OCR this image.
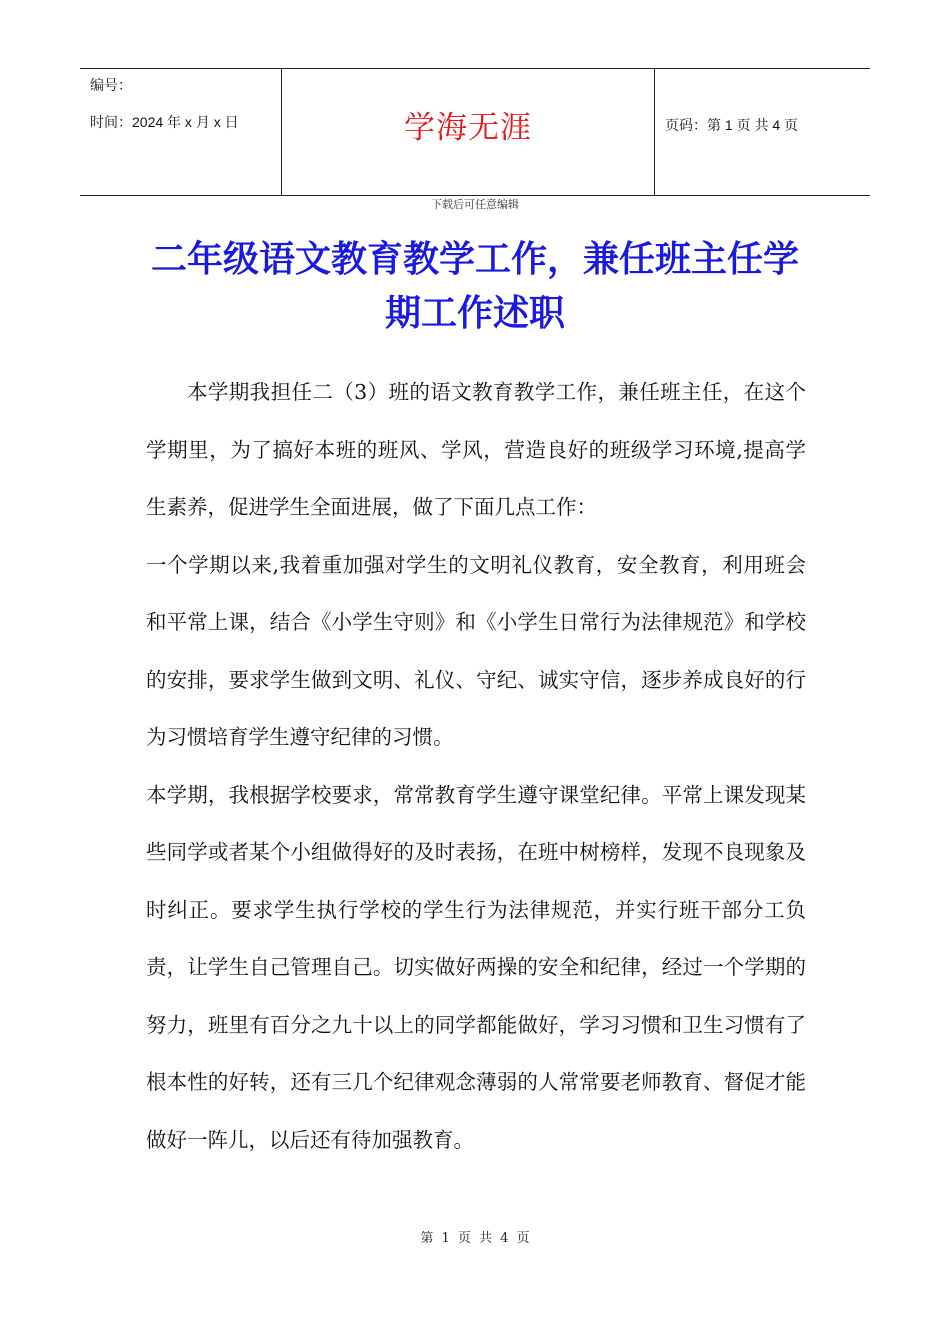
编号：
时间：2024 年 x 月 x 日	学海无涯	页码：第 1 页 共 4 页
下载后可任意编辑
二年级语文教育教学工作，兼任班主任学期工作述职

本学期我担任二（3）班的语文教育教学工作，兼任班主任，在这个学期里，为了搞好本班的班风、学风，营造良好的班级学习环境,提高学生素养，促进学生全面进展，做了下面几点工作：

一个学期以来,我着重加强对学生的文明礼仪教育，安全教育，利用班会和平常上课，结合《小学生守则》和《小学生日常行为法律规范》和学校的安排，要求学生做到文明、礼仪、守纪、诚实守信，逐步养成良好的行为习惯培育学生遵守纪律的习惯。

本学期，我根据学校要求，常常教育学生遵守课堂纪律。平常上课发现某些同学或者某个小组做得好的及时表扬，在班中树榜样，发现不良现象及时纠正。要求学生执行学校的学生行为法律规范，并实行班干部分工负责，让学生自己管理自己。切实做好两操的安全和纪律，经过一个学期的努力，班里有百分之九十以上的同学都能做好，学习习惯和卫生习惯有了根本性的好转，还有三几个纪律观念薄弱的人常常要老师教育、督促才能做好一阵儿，以后还有待加强教育。

第 1 页 共 4 页
